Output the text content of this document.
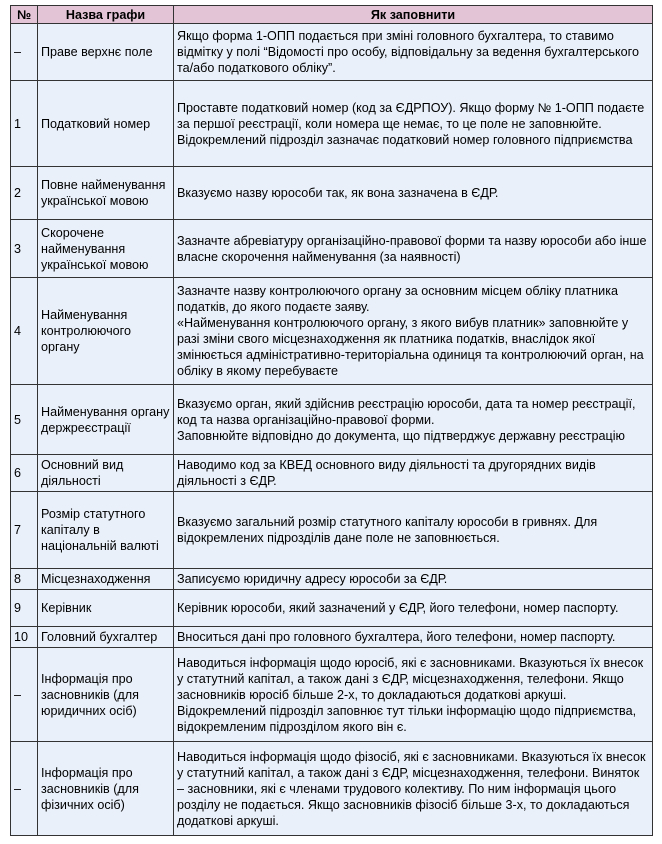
№	Назва графи	Як заповнити
–	Праве верхнє поле	Якщо форма 1-ОПП подається при зміні головного бухгалтера, то ставимо відмітку у полі “Відомості про особу, відповідальну за ведення бухгалтерського та/або податкового обліку”.

1	Податковий номер	Проставте податковий номер (код за ЄДРПОУ). Якщо форму № 1-ОПП подаєте за першої реєстрації, коли номера ще немає, то це поле не заповнюйте.

Відокремлений підрозділ зазначає податковий номер головного підприємства

2	Повне найменування української мовою	Вказуємо назву юрособи так, як вона зазначена в ЄДР.

3	Скорочене найменування української мовою	Зазначте абревіатуру організаційно-правової форми та назву юрособи або інше власне скорочення найменування (за наявності)

4	Найменування контролюючого органу	Зазначте назву контролюючого органу за основним місцем обліку платника податків, до якого подаєте заяву.

«Найменування контролюючого органу, з якого вибув платник» заповнюйте у разі зміни свого місцезнаходження як платника податків, внаслідок якої змінюється адміністративно-територіальна одиниця та контролюючий орган, на обліку в якому перебуваєте

5	Найменування органу держреєстрації	Вказуємо орган, який здійснив реєстрацію юрособи, дата та номер реєстрації, код та назва організаційно-правової форми.

Заповнюйте відповідно до документа, що підтверджує державну реєстрацію

6	Основний вид діяльності	Наводимо код за КВЕД основного виду діяльності та другорядних видів діяльності з ЄДР.

7	Розмір статутного капіталу в національній валюті	Вказуємо загальний розмір статутного капіталу юрособи в гривнях. Для відокремлених підрозділів дане поле не заповнюється.

8	Місцезнаходження	Записуємо юридичну адресу юрособи за ЄДР.

9	Керівник	Керівник юрособи, який зазначений у ЄДР, його телефони, номер паспорту.

10	Головний бухгалтер	Вноситься дані про головного бухгалтера, його телефони, номер паспорту.

–	Інформація про засновників (для юридичних осіб)	Наводиться інформація щодо юросіб, які є засновниками. Вказуються їх внесок у статутний капітал, а також дані з ЄДР, місцезнаходження, телефони. Якщо засновників юросіб більше 2-х, то докладаються додаткові аркуші. Відокремлений підрозділ заповнює тут тільки інформацію щодо підприємства, відокремленим підрозділом якого він є.

–	Інформація про засновників (для фізичних осіб)	Наводиться інформація щодо фізосіб, які є засновниками. Вказуються їх внесок у статутний капітал, а також дані з ЄДР, місцезнаходження, телефони. Виняток – засновники, які є членами трудового колективу. По ним інформація цього розділу не подається. Якщо засновників фізосіб більше 3-х, то докладаються додаткові аркуші.
